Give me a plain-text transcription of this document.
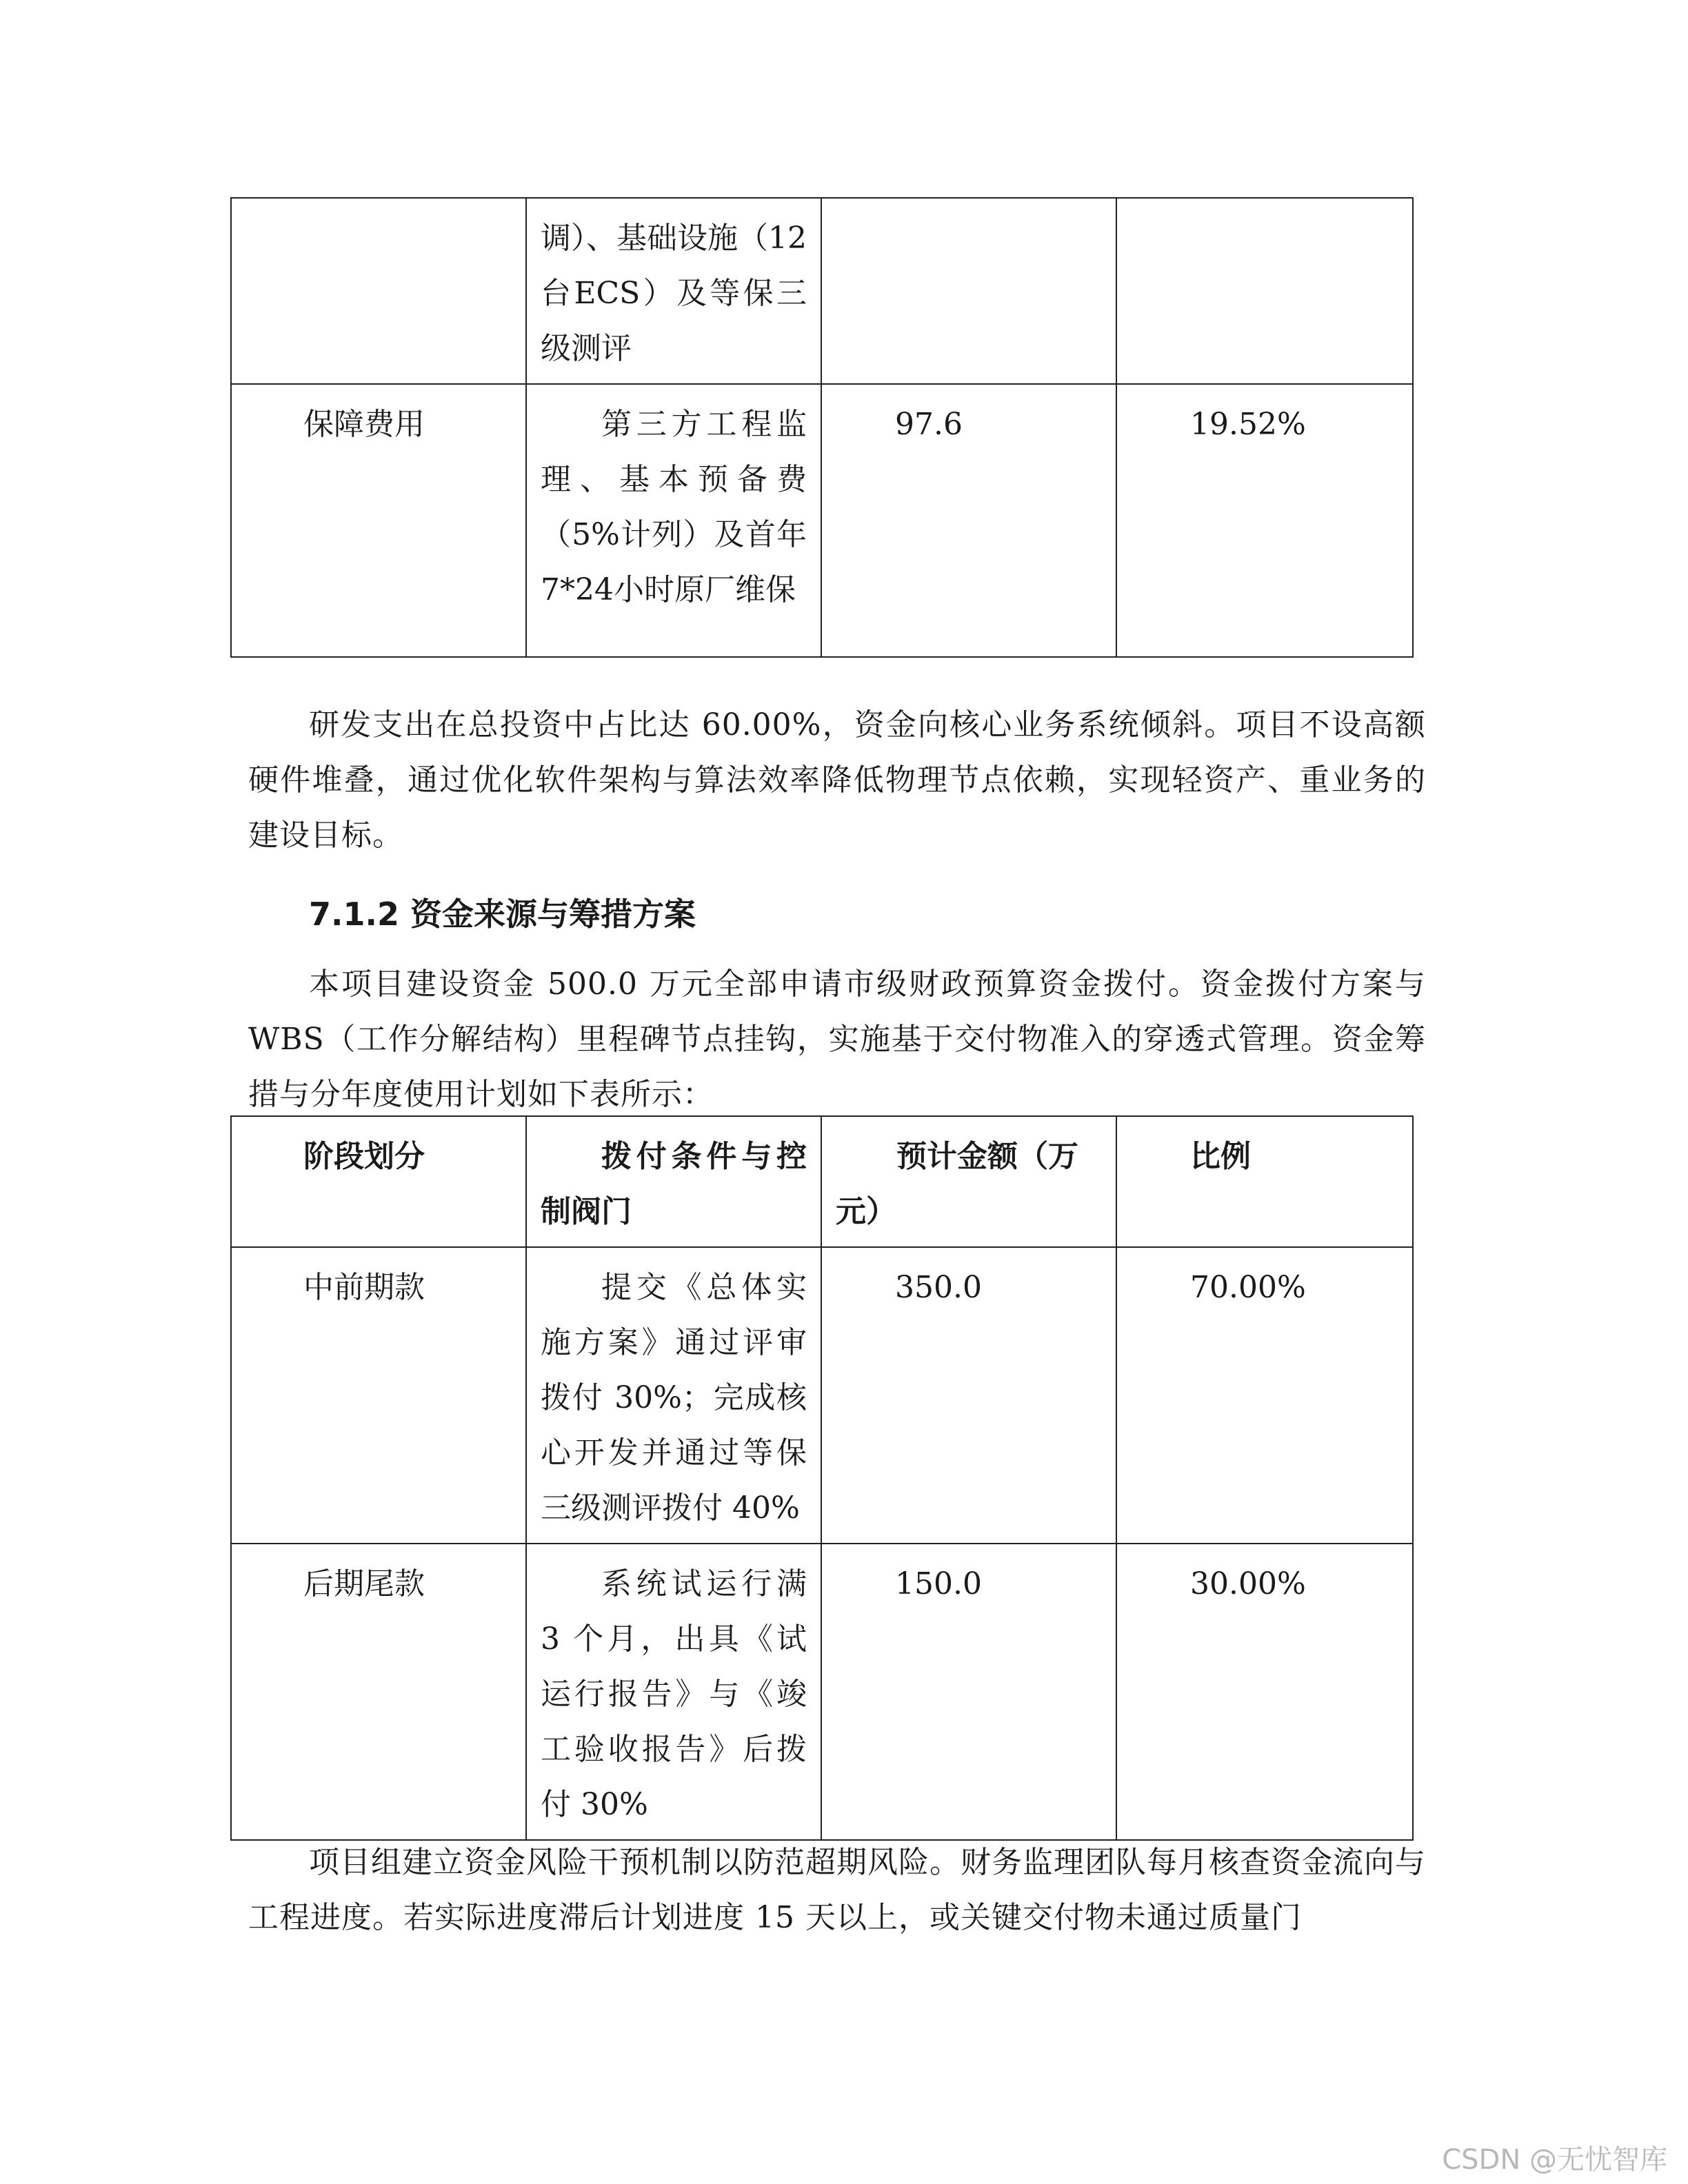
	调）、基础设施（12台ECS）及等保三级测评		
保障费用	第三方工程监理、基本预备费（5%计列）及首年7*24小时原厂维保	97.6	19.52%

研发支出在总投资中占比达 60.00%，资金向核心业务系统倾斜。项目不设高额硬件堆叠，通过优化软件架构与算法效率降低物理节点依赖，实现轻资产、重业务的建设目标。

7.1.2 资金来源与筹措方案

本项目建设资金 500.0 万元全部申请市级财政预算资金拨付。资金拨付方案与 WBS（工作分解结构）里程碑节点挂钩，实施基于交付物准入的穿透式管理。资金筹措与分年度使用计划如下表所示：

阶段划分	拨付条件与控制阀门	预计金额（万元）	比例
中前期款	提交《总体实施方案》通过评审拨付 30%；完成核心开发并通过等保三级测评拨付 40%	350.0	70.00%
后期尾款	系统试运行满 3 个月，出具《试运行报告》与《竣工验收报告》后拨付 30%	150.0	30.00%

项目组建立资金风险干预机制以防范超期风险。财务监理团队每月核查资金流向与工程进度。若实际进度滞后计划进度 15 天以上，或关键交付物未通过质量门

CSDN @无忧智库
